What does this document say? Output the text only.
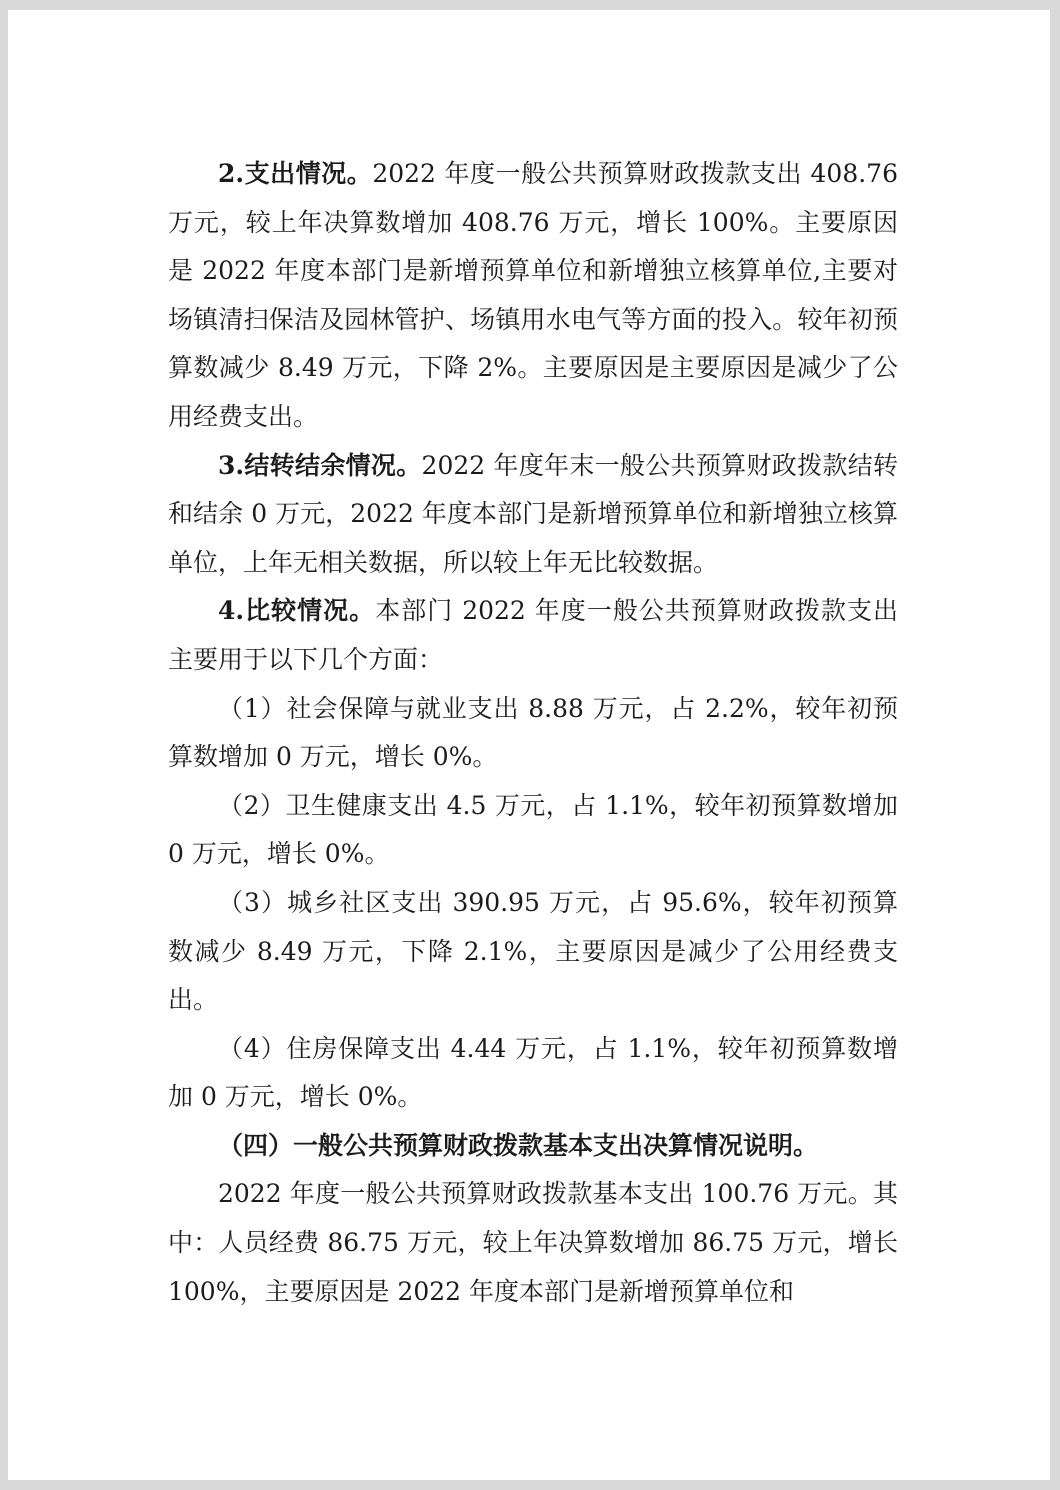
2.支出情况。2022 年度一般公共预算财政拨款支出 408.76 万元，较上年决算数增加 408.76 万元，增长 100%。主要原因是 2022 年度本部门是新增预算单位和新增独立核算单位,主要对场镇清扫保洁及园林管护、场镇用水电气等方面的投入。较年初预算数减少 8.49 万元，下降 2%。主要原因是主要原因是减少了公用经费支出。

3.结转结余情况。2022 年度年末一般公共预算财政拨款结转和结余 0 万元，2022 年度本部门是新增预算单位和新增独立核算单位，上年无相关数据，所以较上年无比较数据。

4.比较情况。本部门 2022 年度一般公共预算财政拨款支出主要用于以下几个方面：

（1）社会保障与就业支出 8.88 万元，占 2.2%，较年初预算数增加 0 万元，增长 0%。

（2）卫生健康支出 4.5 万元，占 1.1%，较年初预算数增加 0 万元，增长 0%。

（3）城乡社区支出 390.95 万元，占 95.6%，较年初预算数减少 8.49 万元，下降 2.1%，主要原因是减少了公用经费支出。

（4）住房保障支出 4.44 万元，占 1.1%，较年初预算数增加 0 万元，增长 0%。

（四）一般公共预算财政拨款基本支出决算情况说明。

2022 年度一般公共预算财政拨款基本支出 100.76 万元。其中：人员经费 86.75 万元，较上年决算数增加 86.75 万元，增长 100%，主要原因是 2022 年度本部门是新增预算单位和
